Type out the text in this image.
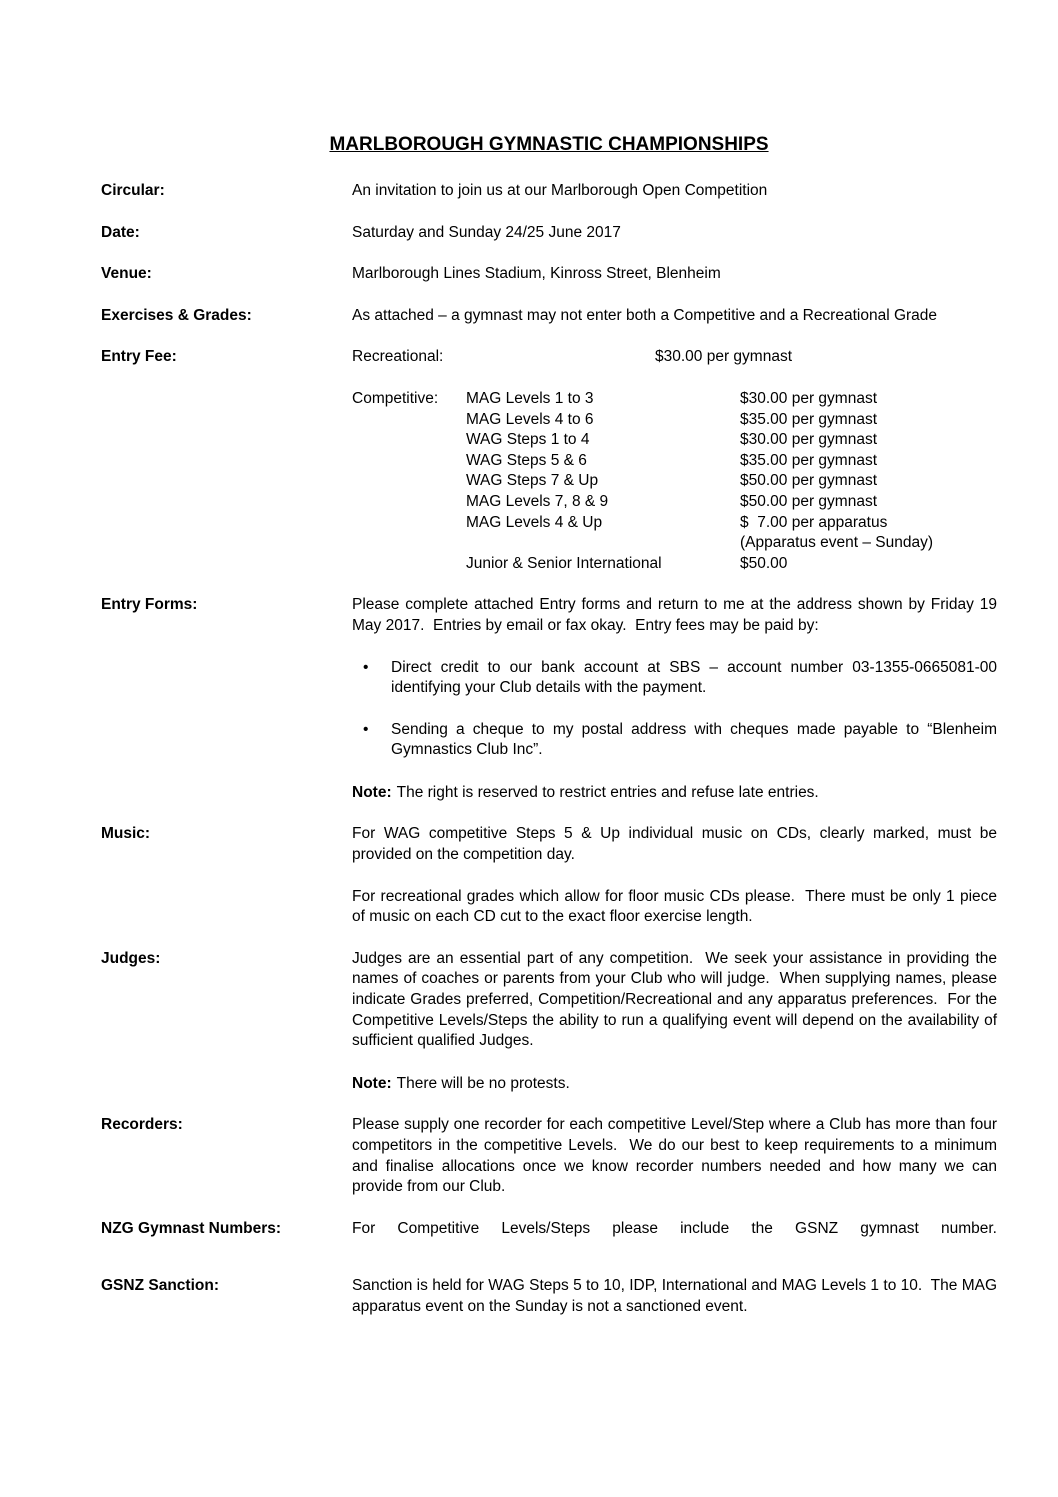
MARLBOROUGH GYMNASTIC CHAMPIONSHIPS
Circular:	An invitation to join us at our Marlborough Open Competition
Date:	Saturday and Sunday 24/25 June 2017
Venue:	Marlborough Lines Stadium, Kinross Street, Blenheim
Exercises & Grades:	As attached – a gymnast may not enter both a Competitive and a Recreational Grade
Entry Fee:	Recreational:	$30.00 per gymnast
Competitive:	MAG Levels 1 to 3	$30.00 per gymnast
MAG Levels 4 to 6	$35.00 per gymnast
WAG Steps 1 to 4	$30.00 per gymnast
WAG Steps 5 & 6	$35.00 per gymnast
WAG Steps 7 & Up	$50.00 per gymnast
MAG Levels 7, 8 & 9	$50.00 per gymnast
MAG Levels 4 & Up	$  7.00 per apparatus
(Apparatus event – Sunday)
Junior & Senior International	$50.00
Entry Forms:	Please complete attached Entry forms and return to me at the address shown by Friday 19 May 2017.  Entries by email or fax okay.  Entry fees may be paid by:
•	Direct credit to our bank account at SBS – account number 03-1355-0665081-00 identifying your Club details with the payment.
•	Sending a cheque to my postal address with cheques made payable to “Blenheim Gymnastics Club Inc”.
Note: The right is reserved to restrict entries and refuse late entries.
Music:	For WAG competitive Steps 5 & Up individual music on CDs, clearly marked, must be provided on the competition day.

For recreational grades which allow for floor music CDs please.  There must be only 1 piece of music on each CD cut to the exact floor exercise length.

Judges:	Judges are an essential part of any competition.  We seek your assistance in providing the names of coaches or parents from your Club who will judge.  When supplying names, please indicate Grades preferred, Competition/Recreational and any apparatus preferences.  For the Competitive Levels/Steps the ability to run a qualifying event will depend on the availability of sufficient qualified Judges.
Note: There will be no protests.
Recorders:	Please supply one recorder for each competitive Level/Step where a Club has more than four competitors in the competitive Levels.  We do our best to keep requirements to a minimum and finalise allocations once we know recorder numbers needed and how many we can provide from our Club.
NZG Gymnast Numbers:	For Competitive Levels/Steps please include the GSNZ gymnast number.
GSNZ Sanction:	Sanction is held for WAG Steps 5 to 10, IDP, International and MAG Levels 1 to 10.  The MAG apparatus event on the Sunday is not a sanctioned event.
